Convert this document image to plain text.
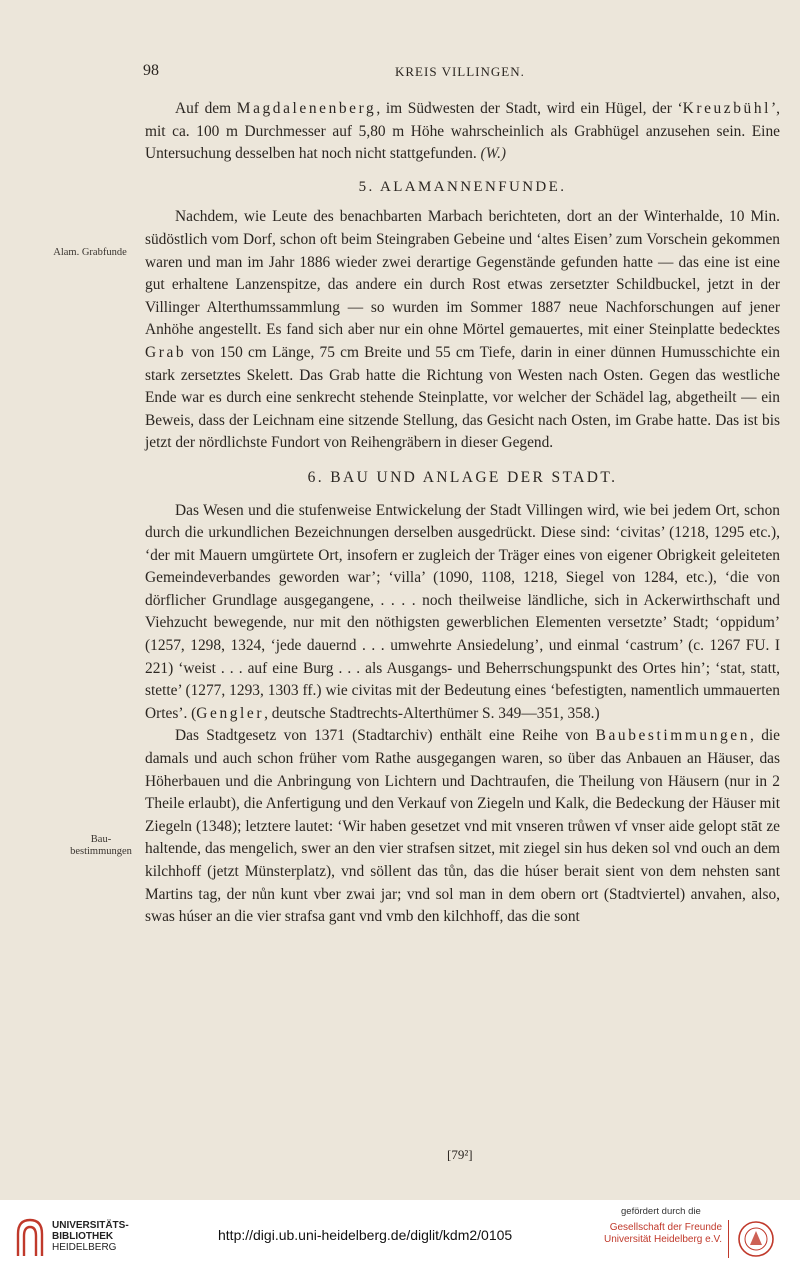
98	KREIS VILLINGEN.
Alam. Grabfunde
Bau-bestimmungen

Auf dem Magdalenenberg, im Südwesten der Stadt, wird ein Hügel, der ‘Kreuzbühl’, mit ca. 100 m Durchmesser auf 5,80 m Höhe wahrscheinlich als Grabhügel anzusehen sein. Eine Untersuchung desselben hat noch nicht stattgefunden. (W.)

5. ALAMANNENFUNDE.

Nachdem, wie Leute des benachbarten Marbach berichteten, dort an der Winterhalde, 10 Min. südöstlich vom Dorf, schon oft beim Steingraben Gebeine und ‘altes Eisen’ zum Vorschein gekommen waren und man im Jahr 1886 wieder zwei derartige Gegenstände gefunden hatte — das eine ist eine gut erhaltene Lanzenspitze, das andere ein durch Rost etwas zersetzter Schildbuckel, jetzt in der Villinger Alterthumssammlung — so wurden im Sommer 1887 neue Nachforschungen auf jener Anhöhe angestellt. Es fand sich aber nur ein ohne Mörtel gemauertes, mit einer Steinplatte bedecktes Grab von 150 cm Länge, 75 cm Breite und 55 cm Tiefe, darin in einer dünnen Humusschichte ein stark zersetztes Skelett. Das Grab hatte die Richtung von Westen nach Osten. Gegen das westliche Ende war es durch eine senkrecht stehende Steinplatte, vor welcher der Schädel lag, abgetheilt — ein Beweis, dass der Leichnam eine sitzende Stellung, das Gesicht nach Osten, im Grabe hatte. Das ist bis jetzt der nördlichste Fundort von Reihengräbern in dieser Gegend.

6. BAU UND ANLAGE DER STADT.

Das Wesen und die stufenweise Entwickelung der Stadt Villingen wird, wie bei jedem Ort, schon durch die urkundlichen Bezeichnungen derselben ausgedrückt. Diese sind: ‘civitas’ (1218, 1295 etc.), ‘der mit Mauern umgürtete Ort, insofern er zugleich der Träger eines von eigener Obrigkeit geleiteten Gemeindeverbandes geworden war’; ‘villa’ (1090, 1108, 1218, Siegel von 1284, etc.), ‘die von dörflicher Grundlage ausgegangene, . . . . noch theilweise ländliche, sich in Ackerwirthschaft und Viehzucht bewegende, nur mit den nöthigsten gewerblichen Elementen versetzte’ Stadt; ‘oppidum’ (1257, 1298, 1324, ‘jede dauernd . . . umwehrte Ansiedelung’, und einmal ‘castrum’ (c. 1267 FU. I 221) ‘weist . . . auf eine Burg . . . als Ausgangs- und Beherrschungspunkt des Ortes hin’; ‘stat, statt, stette’ (1277, 1293, 1303 ff.) wie civitas mit der Bedeutung eines ‘befestigten, namentlich ummauerten Ortes’. (Gengler, deutsche Stadtrechts-Alterthümer S. 349—351, 358.)

Das Stadtgesetz von 1371 (Stadtarchiv) enthält eine Reihe von Baubestimmungen, die damals und auch schon früher vom Rathe ausgegangen waren, so über das Anbauen an Häuser, das Höherbauen und die Anbringung von Lichtern und Dachtraufen, die Theilung von Häusern (nur in 2 Theile erlaubt), die Anfertigung und den Verkauf von Ziegeln und Kalk, die Bedeckung der Häuser mit Ziegeln (1348); letztere lautet: ‘Wir haben gesetzet vnd mit vnseren trůwen vf vnser aide gelopt stāt ze haltende, das mengelich, swer an den vier strafsen sitzet, mit ziegel sin hus deken sol vnd ouch an dem kilchhoff (jetzt Münsterplatz), vnd söllent das tůn, das die húser berait sient von dem nehsten sant Martins tag, der nůn kunt vber zwai jar; vnd sol man in dem obern ort (Stadtviertel) anvahen, also, swas húser an die vier strafsa gant vnd vmb den kilchhoff, das die sont

[79²]
UNIVERSITÄTS-
BIBLIOTHEK
HEIDELBERG
http://digi.ub.uni-heidelberg.de/diglit/kdm2/0105
gefördert durch die
Gesellschaft der Freunde
Universität Heidelberg e.V.
